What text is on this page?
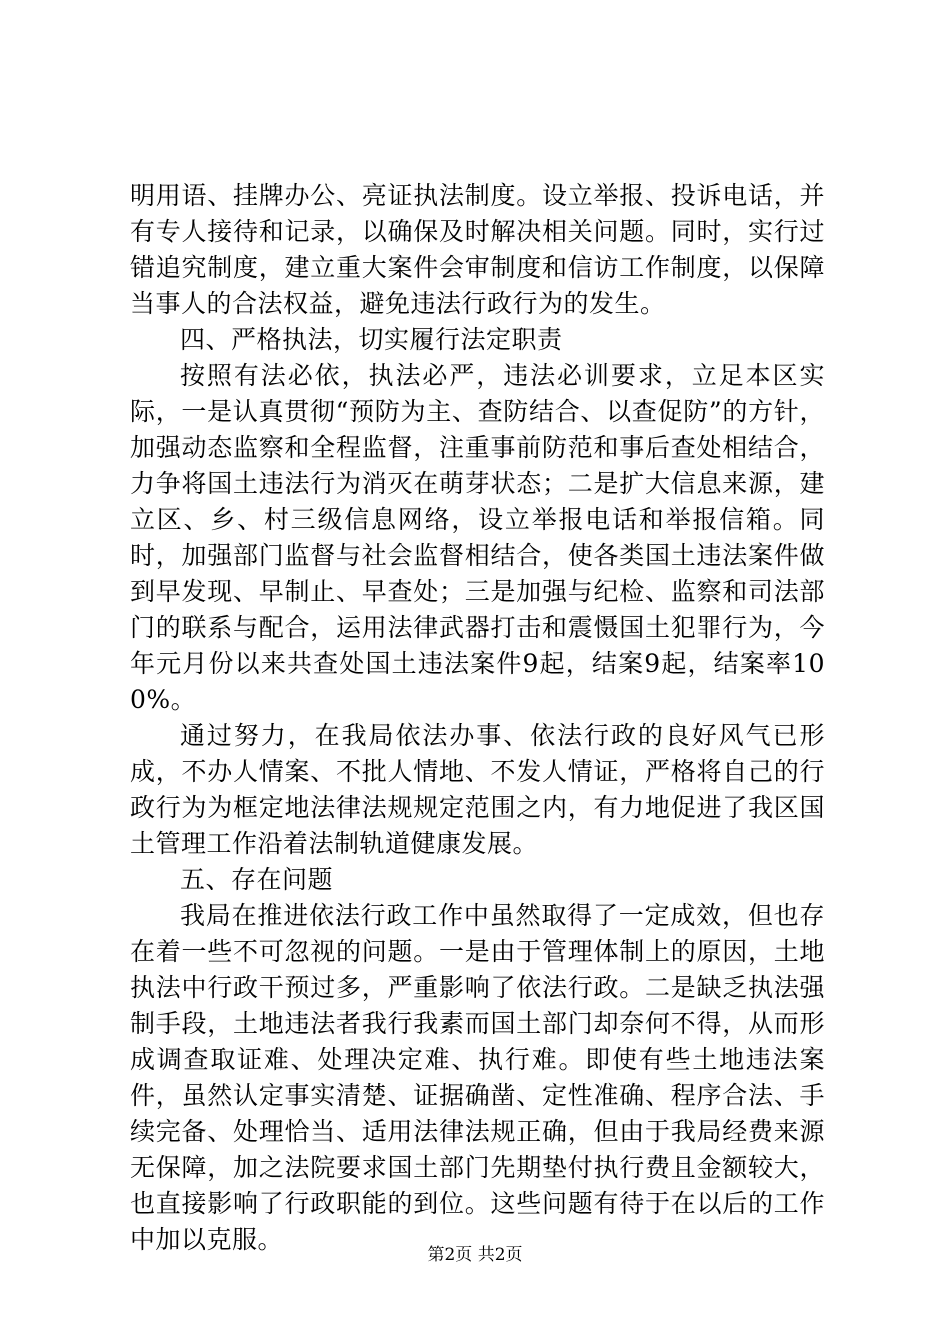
明用语、挂牌办公、亮证执法制度。设立举报、投诉电话，并有专人接待和记录，以确保及时解决相关问题。同时，实行过错追究制度，建立重大案件会审制度和信访工作制度，以保障当事人的合法权益，避免违法行政行为的发生。

四、严格执法，切实履行法定职责

按照有法必依，执法必严，违法必训要求，立足本区实际，一是认真贯彻“预防为主、查防结合、以查促防”的方针，加强动态监察和全程监督，注重事前防范和事后查处相结合，力争将国土违法行为消灭在萌芽状态；二是扩大信息来源，建立区、乡、村三级信息网络，设立举报电话和举报信箱。同时，加强部门监督与社会监督相结合，使各类国土违法案件做到早发现、早制止、早查处；三是加强与纪检、监察和司法部门的联系与配合，运用法律武器打击和震慑国土犯罪行为，今年元月份以来共查处国土违法案件9起，结案9起，结案率100%。

通过努力，在我局依法办事、依法行政的良好风气已形成，不办人情案、不批人情地、不发人情证，严格将自己的行政行为为框定地法律法规规定范围之内，有力地促进了我区国土管理工作沿着法制轨道健康发展。

五、存在问题

我局在推进依法行政工作中虽然取得了一定成效，但也存在着一些不可忽视的问题。一是由于管理体制上的原因，土地执法中行政干预过多，严重影响了依法行政。二是缺乏执法强制手段，土地违法者我行我素而国土部门却奈何不得，从而形成调查取证难、处理决定难、执行难。即使有些土地违法案件，虽然认定事实清楚、证据确凿、定性准确、程序合法、手续完备、处理恰当、适用法律法规正确，但由于我局经费来源无保障，加之法院要求国土部门先期垫付执行费且金额较大，也直接影响了行政职能的到位。这些问题有待于在以后的工作中加以克服。

第2页 共2页
